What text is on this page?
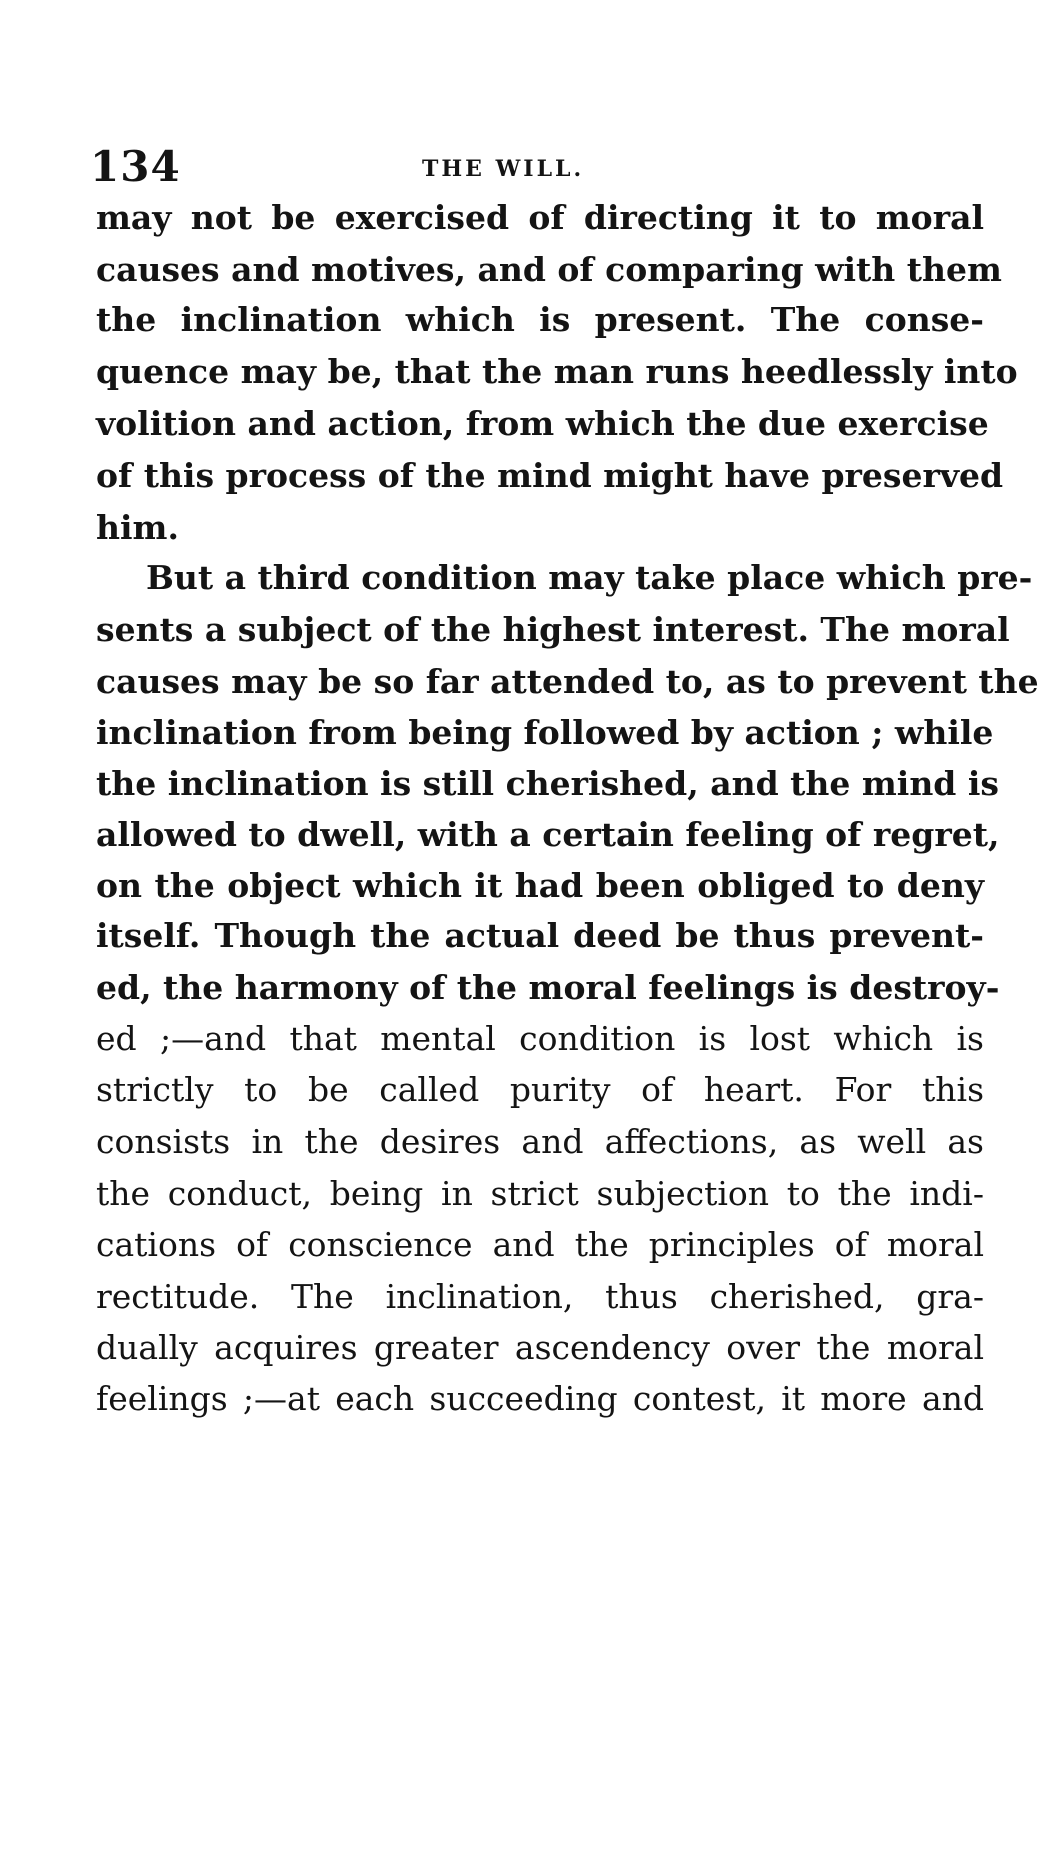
134	THE WILL.
may not be exercised of directing it to moral
causes and motives, and of comparing with them
the inclination which is present. The conse-
quence may be, that the man runs heedlessly into
volition and action, from which the due exercise
of this process of the mind might have preserved
him.
But a third condition may take place which pre-
sents a subject of the highest interest. The moral
causes may be so far attended to, as to prevent the
inclination from being followed by action ; while
the inclination is still cherished, and the mind is
allowed to dwell, with a certain feeling of regret,
on the object which it had been obliged to deny
itself. Though the actual deed be thus prevent-
ed, the harmony of the moral feelings is destroy-
ed ;—and that mental condition is lost which is
strictly to be called purity of heart. For this
consists in the desires and affections, as well as
the conduct, being in strict subjection to the indi-
cations of conscience and the principles of moral
rectitude. The inclination, thus cherished, gra-
dually acquires greater ascendency over the moral
feelings ;—at each succeeding contest, it more and
